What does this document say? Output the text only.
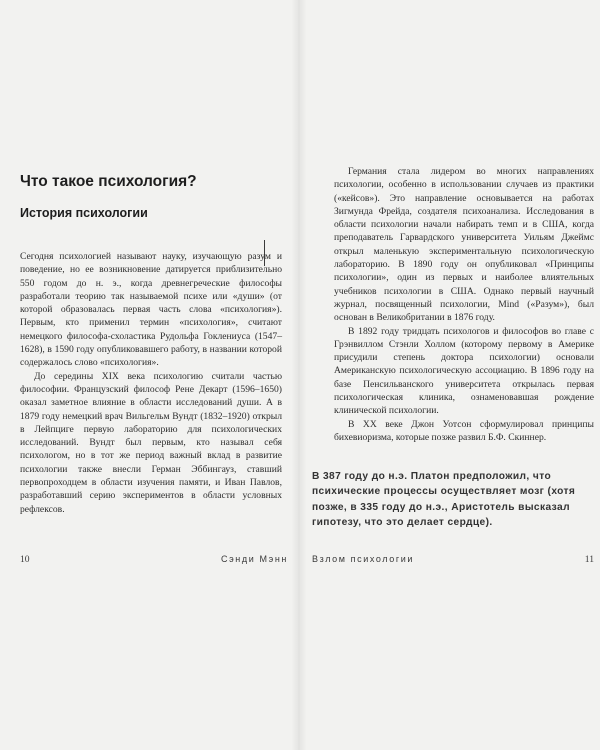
Что такое психология?
История психологии

Сегодня психологией называют науку, изучающую разум и поведение, но ее возникновение датируется приблизительно 550 годом до н. э., когда древнегреческие философы разработали теорию так называемой психе или «души» (от которой образовалась первая часть слова «психология»). Первым, кто применил термин «психология», считают немецкого философа-схоластика Рудольфа Гоклениуса (1547–1628), в 1590 году опубликовавшего работу, в названии которой содержалось слово «психология».

До середины XIX века психологию считали частью философии. Французский философ Рене Декарт (1596–1650) оказал заметное влияние в области исследований души. А в 1879 году немецкий врач Вильгельм Вундт (1832–1920) открыл в Лейпциге первую лабораторию для психологических исследований. Вундт был первым, кто называл себя психологом, но в тот же период важный вклад в развитие психологии также внесли Герман Эббингауз, ставший первопроходцем в области изучения памяти, и Иван Павлов, разработавший серию экспериментов в области условных рефлексов.

10	Сэнди Мэнн

Германия стала лидером во многих направлениях психологии, особенно в использовании случаев из практики («кейсов»). Это направление основывается на работах Зигмунда Фрейда, создателя психоанализа. Исследования в области психологии начали набирать темп и в США, когда преподаватель Гарвардского университета Уильям Джеймс открыл маленькую экспериментальную психологическую лабораторию. В 1890 году он опубликовал «Принципы психологии», один из первых и наиболее влиятельных учебников психологии в США. Однако первый научный журнал, посвященный психологии, Mind («Разум»), был основан в Великобритании в 1876 году.

В 1892 году тридцать психологов и философов во главе с Грэнвиллом Стэнли Холлом (которому первому в Америке присудили степень доктора психологии) основали Американскую психологическую ассоциацию. В 1896 году на базе Пенсильванского университета открылась первая психологическая клиника, ознаменовавшая рождение клинической психологии.

В XX веке Джон Уотсон сформулировал принципы бихевиоризма, которые позже развил Б.Ф. Скиннер.

В 387 году до н.э. Платон предположил, что психические процессы осуществляет мозг (хотя позже, в 335 году до н.э., Аристотель высказал гипотезу, что это делает сердце).

Взлом психологии	11
